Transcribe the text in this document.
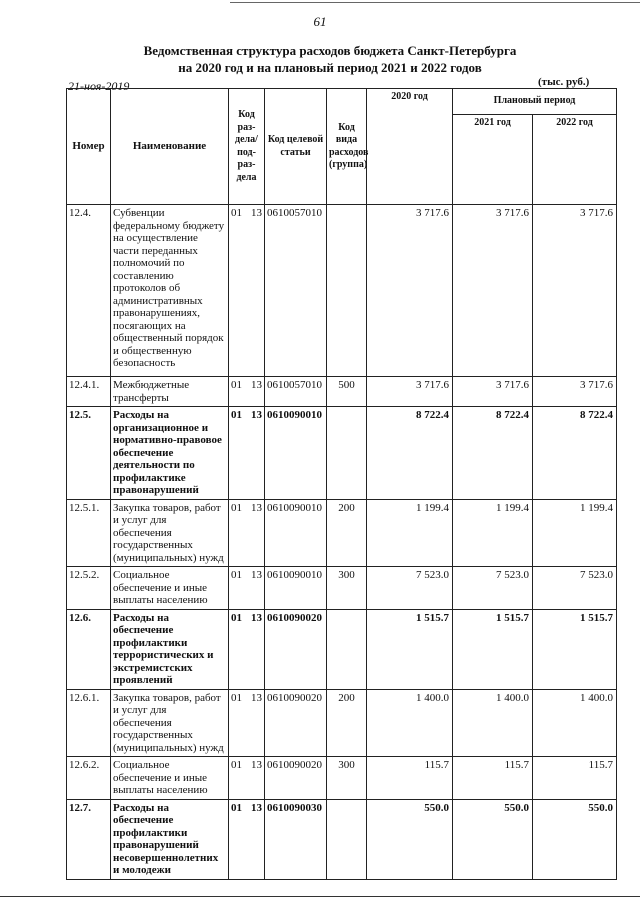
61
Ведомственная структура расходов бюджета Санкт-Петербурга
на 2020 год и на плановый период 2021 и 2022 годов
21-ноя-2019	(тыс. руб.)
Номер	Наименование	Код раз-дела/ под-раз-дела	Код целевой статьи	Код вида расходов (группа)	2020 год	Плановый период	
						2021 год	2022 год
12.4.	Субвенции федеральному бюджету на осуществление части переданных полномочий по составлению протоколов об административных правонарушениях, посягающих на общественный порядок и общественную безопасность	01 13	0610057010		3 717.6	3 717.6	3 717.6
12.4.1.	Межбюджетные трансферты	01 13	0610057010	500	3 717.6	3 717.6	3 717.6
12.5.	Расходы на организационное и нормативно-правовое обеспечение деятельности по профилактике правонарушений	01 13	0610090010		8 722.4	8 722.4	8 722.4
12.5.1.	Закупка товаров, работ и услуг для обеспечения государственных (муниципальных) нужд	01 13	0610090010	200	1 199.4	1 199.4	1 199.4
12.5.2.	Социальное обеспечение и иные выплаты населению	01 13	0610090010	300	7 523.0	7 523.0	7 523.0
12.6.	Расходы на обеспечение профилактики террористических и экстремистских проявлений	01 13	0610090020		1 515.7	1 515.7	1 515.7
12.6.1.	Закупка товаров, работ и услуг для обеспечения государственных (муниципальных) нужд	01 13	0610090020	200	1 400.0	1 400.0	1 400.0
12.6.2.	Социальное обеспечение и иные выплаты населению	01 13	0610090020	300	115.7	115.7	115.7
12.7.	Расходы на обеспечение профилактики правонарушений несовершеннолетних и молодежи	01 13	0610090030		550.0	550.0	550.0
